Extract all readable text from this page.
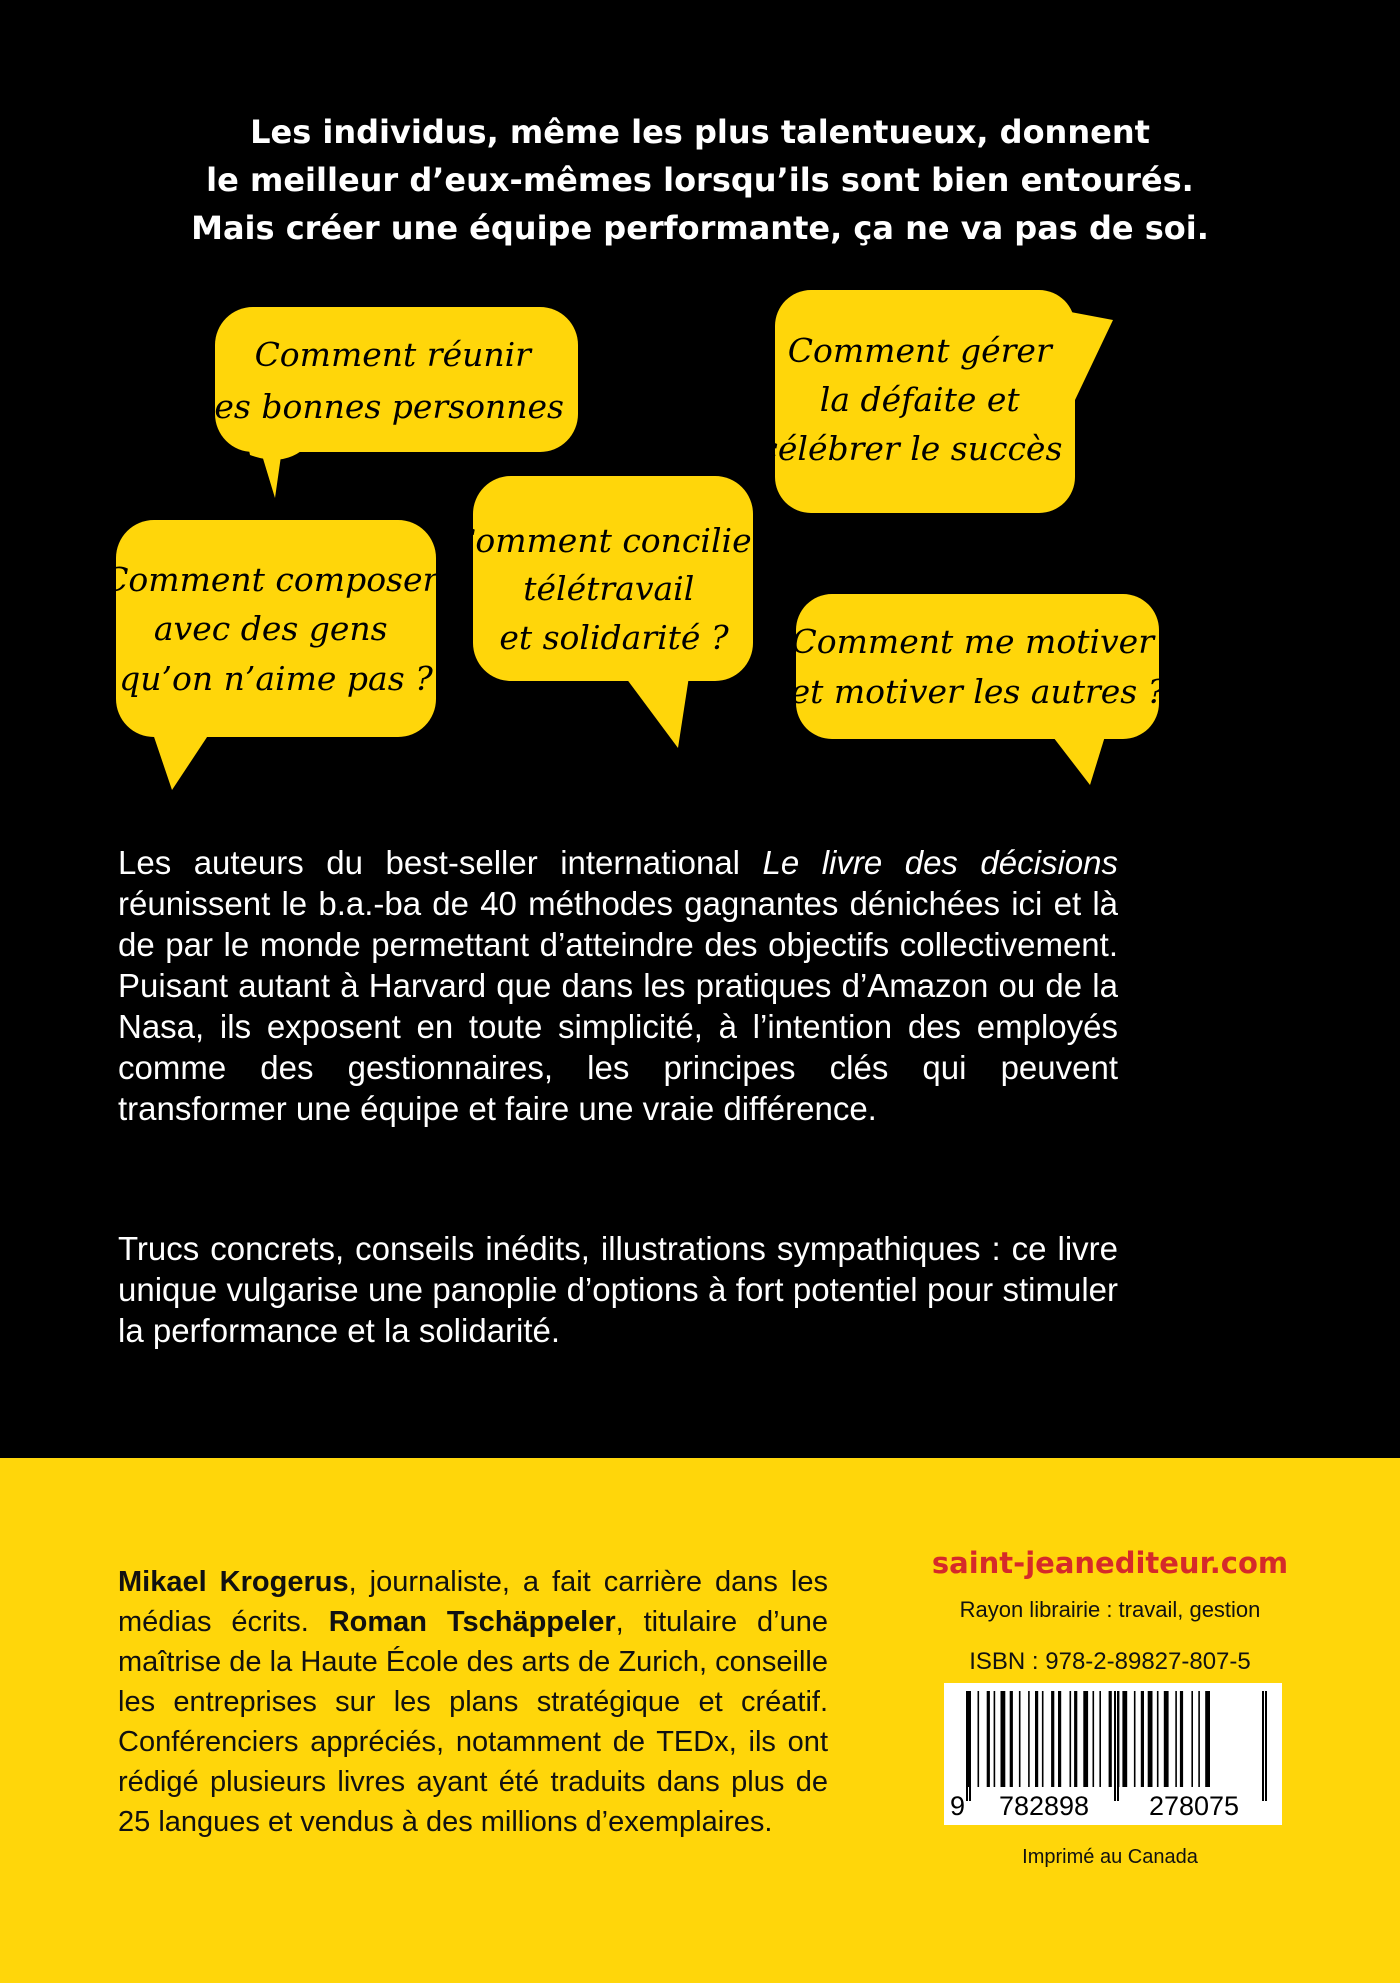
Les individus, même les plus talentueux, donnent
le meilleur d’eux-mêmes lorsqu’ils sont bien entourés.
Mais créer une équipe performante, ça ne va pas de soi.
Comment réunir les bonnes personnes ?
Comment gérer la défaite et célébrer le succès ?
Comment concilier télétravail et solidarité ?
Comment composer avec des gens qu’on n’aime pas ?
Comment me motiver et motiver les autres ?

Les auteurs du best-seller international Le livre des décisions réunissent le b.a.-ba de 40 méthodes gagnantes dénichées ici et là de par le monde permettant d’atteindre des objectifs collectivement. Puisant autant à Harvard que dans les pratiques d’Amazon ou de la Nasa, ils exposent en toute simplicité, à l’intention des employés comme des gestionnaires, les principes clés qui peuvent transformer une équipe et faire une vraie différence.

Trucs concrets, conseils inédits, illustrations sympathiques : ce livre unique vulgarise une panoplie d’options à fort potentiel pour stimuler la performance et la solidarité.

Mikael Krogerus, journaliste, a fait carrière dans les médias écrits. Roman Tschäppeler, titulaire d’une maîtrise de la Haute École des arts de Zurich, conseille les entreprises sur les plans stratégique et créatif. Conférenciers appréciés, notamment de TEDx, ils ont rédigé plusieurs livres ayant été traduits dans plus de 25 langues et vendus à des millions d’exemplaires.
saint-jeanediteur.com
Rayon librairie : travail, gestion
ISBN : 978-2-89827-807-5
9 782898 278075
Imprimé au Canada
